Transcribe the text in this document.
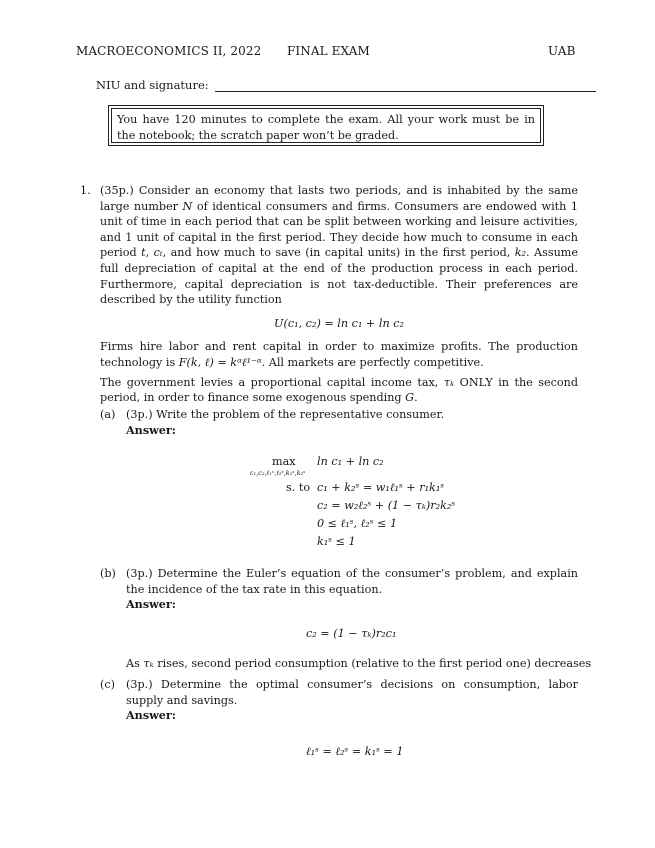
MACROECONOMICS II, 2022 FINAL EXAM	UAB
NIU and signature:
You have 120 minutes to complete the exam. All your work must be in the notebook; the scratch paper won’t be graded.
1. (35p.) Consider an economy that lasts two periods, and is inhabited by the same large number N of identical consumers and firms. Consumers are endowed with 1 unit of time in each period that can be split between working and leisure activities, and 1 unit of capital in the first period. They decide how much to consume in each period t, cₜ, and how much to save (in capital units) in the first period, k₂. Assume full depreciation of capital at the end of the production process in each period. Furthermore, capital depreciation is not tax-deductible. Their preferences are described by the utility function

U(c₁, c₂) = ln c₁ + ln c₂

Firms hire labor and rent capital in order to maximize profits. The production technology is F(k, ℓ) = kᵅℓ¹⁻ᵅ. All markets are perfectly competitive.

The government levies a proportional capital income tax, τₖ ONLY in the second period, in order to finance some exogenous spending G.

(a) (3p.) Write the problem of the representative consumer.
Answer:
max
c₁,c₂,ℓ₁ˢ,ℓ₂ˢ,k₁ˢ,k₂ˢ
ln c₁ + ln c₂
s. to c₁ + k₂ˢ = w₁ℓ₁ˢ + r₁k₁ˢ
c₂ = w₂ℓ₂ˢ + (1 − τₖ)r₂k₂ˢ
0 ≤ ℓ₁ˢ, ℓ₂ˢ ≤ 1
k₁ˢ ≤ 1
(b) (3p.) Determine the Euler’s equation of the consumer’s problem, and explain the incidence of the tax rate in this equation.
Answer:
c₂ = (1 − τₖ)r₂c₁
As τₖ rises, second period consumption (relative to the first period one) decreases
(c) (3p.) Determine the optimal consumer’s decisions on consumption, labor supply and savings.
Answer:
ℓ₁ˢ = ℓ₂ˢ = k₁ˢ = 1
